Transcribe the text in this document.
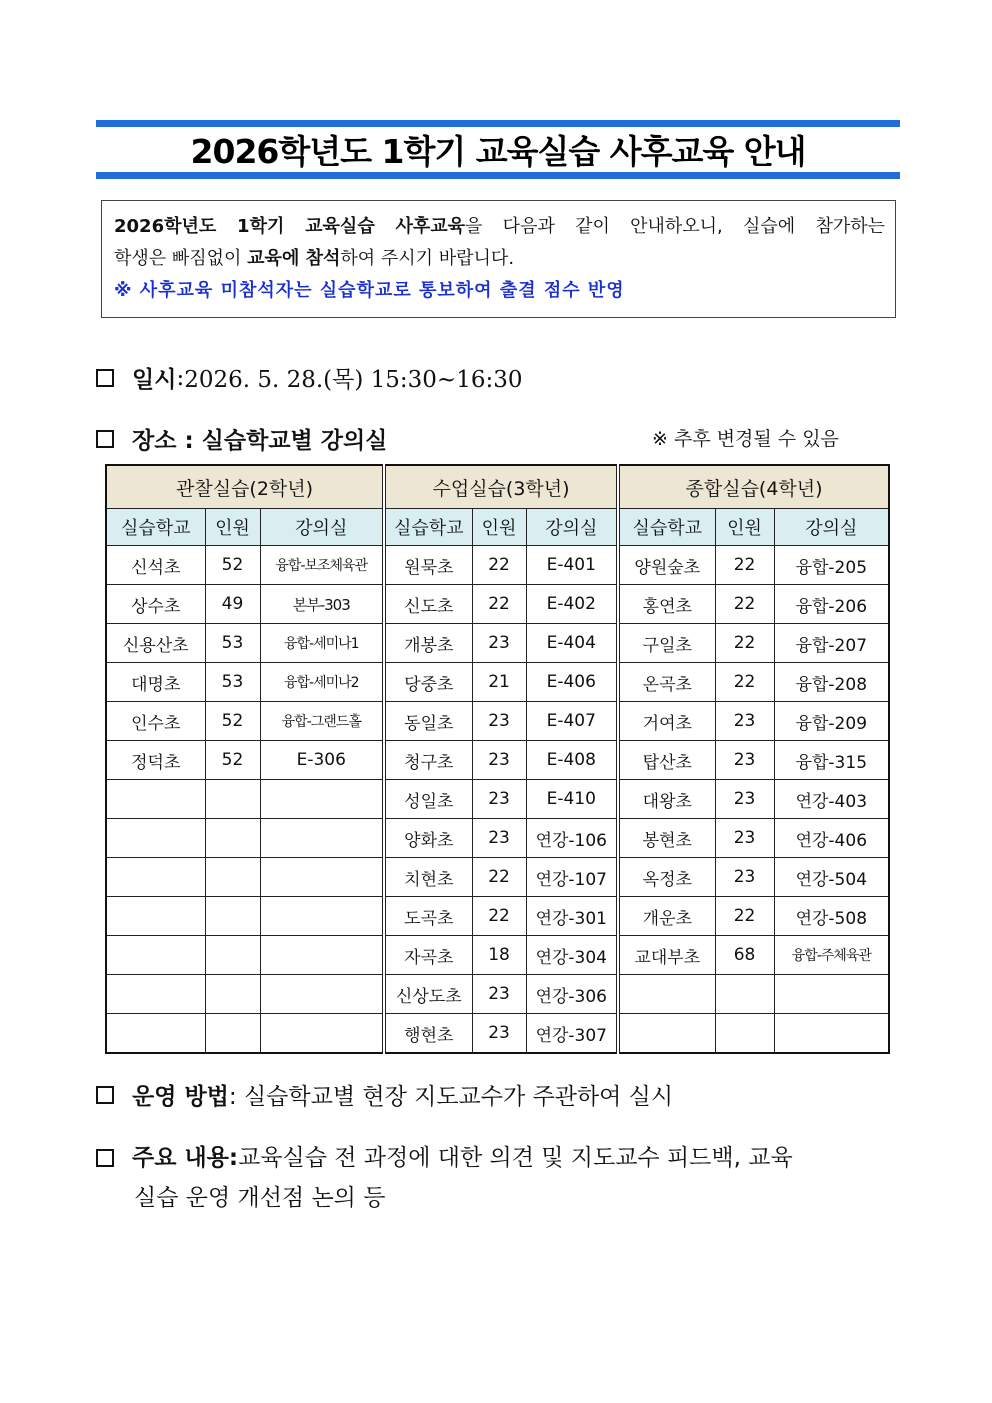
2026학년도 1학기 교육실습 사후교육 안내
2026학년도 1학기 교육실습 사후교육을 다음과 같이 안내하오니, 실습에 참가하는
학생은 빠짐없이 교육에 참석하여 주시기 바랍니다.
※ 사후교육 미참석자는 실습학교로 통보하여 출결 점수 반영
일시 : 2026. 5. 28.(목) 15:30~16:30
장소 : 실습학교별 강의실	※ 추후 변경될 수 있음
관찰실습(2학년)			수업실습(3학년)			종합실습(4학년)		
실습학교	인원	강의실	실습학교	인원	강의실	실습학교	인원	강의실
신석초	52	융합-보조체육관	원묵초	22	E-401	양원숲초	22	융합-205
상수초	49	본부-303	신도초	22	E-402	홍연초	22	융합-206
신용산초	53	융합-세미나1	개봉초	23	E-404	구일초	22	융합-207
대명초	53	융합-세미나2	당중초	21	E-406	온곡초	22	융합-208
인수초	52	융합-그랜드홀	동일초	23	E-407	거여초	23	융합-209
정덕초	52	E-306	청구초	23	E-408	탑산초	23	융합-315
			성일초	23	E-410	대왕초	23	연강-403
			양화초	23	연강-106	봉현초	23	연강-406
			치현초	22	연강-107	옥정초	23	연강-504
			도곡초	22	연강-301	개운초	22	연강-508
			자곡초	18	연강-304	교대부초	68	융합-주체육관
			신상도초	23	연강-306			
			행현초	23	연강-307			
운영 방법 : 실습학교별 현장 지도교수가 주관하여 실시
주요 내용: 교육실습 전 과정에 대한 의견 및 지도교수 피드백, 교육
실습 운영 개선점 논의 등
